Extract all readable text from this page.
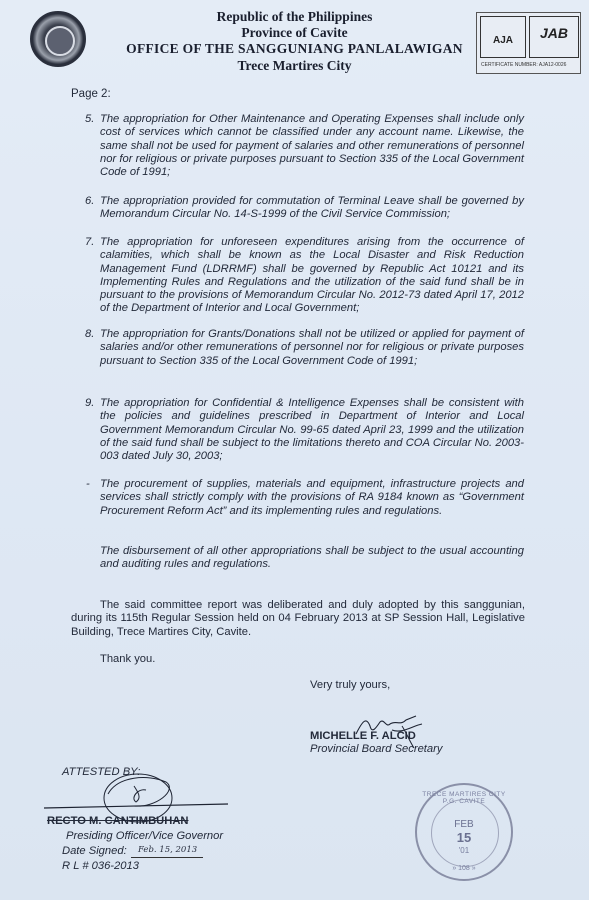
Republic of the Philippines
Province of Cavite
OFFICE OF THE SANGGUNIANG PANLALAWIGAN
Trece Martires City
AJA	JAB
CERTIFICATE NUMBER: AJA12-0026
Page 2:
5. The appropriation for Other Maintenance and Operating Expenses shall include only cost of services which cannot be classified under any account name. Likewise, the same shall not be used for payment of salaries and other remunerations of personnel nor for religious or private purposes pursuant to Section 335 of the Local Government Code of 1991;
6. The appropriation provided for commutation of Terminal Leave shall be governed by Memorandum Circular No. 14-S-1999 of the Civil Service Commission;
7. The appropriation for unforeseen expenditures arising from the occurrence of calamities, which shall be known as the Local Disaster and Risk Reduction Management Fund (LDRRMF) shall be governed by Republic Act 10121 and its Implementing Rules and Regulations and the utilization of the said fund shall be in pursuant to the provisions of Memorandum Circular No. 2012-73 dated April 17, 2012 of the Department of Interior and Local Government;
8. The appropriation for Grants/Donations shall not be utilized or applied for payment of salaries and/or other remunerations of personnel nor for religious or private purposes pursuant to Section 335 of the Local Government Code of 1991;
9. The appropriation for Confidential & Intelligence Expenses shall be consistent with the policies and guidelines prescribed in Department of Interior and Local Government Memorandum Circular No. 99-65 dated April 23, 1999 and the utilization of the said fund shall be subject to the limitations thereto and COA Circular No. 2003-003 dated July 30, 2003;
- The procurement of supplies, materials and equipment, infrastructure projects and services shall strictly comply with the provisions of RA 9184 known as “Government Procurement Reform Act” and its implementing rules and regulations.
The disbursement of all other appropriations shall be subject to the usual accounting and auditing rules and regulations.
The said committee report was deliberated and duly adopted by this sanggunian, during its 115th Regular Session held on 04 February 2013 at SP Session Hall, Legislative Building, Trece Martires City, Cavite.
Thank you.
Very truly yours,
MICHELLE F. ALCID
Provincial Board Secretary
ATTESTED BY:
RECTO M. CANTIMBUHAN
Presiding Officer/Vice Governor
Date Signed: Feb. 15, 2013
R L # 036-2013
TRECE MARTIRES CITY P.G. CAVITE
FEB
15
'01
» 108 »
